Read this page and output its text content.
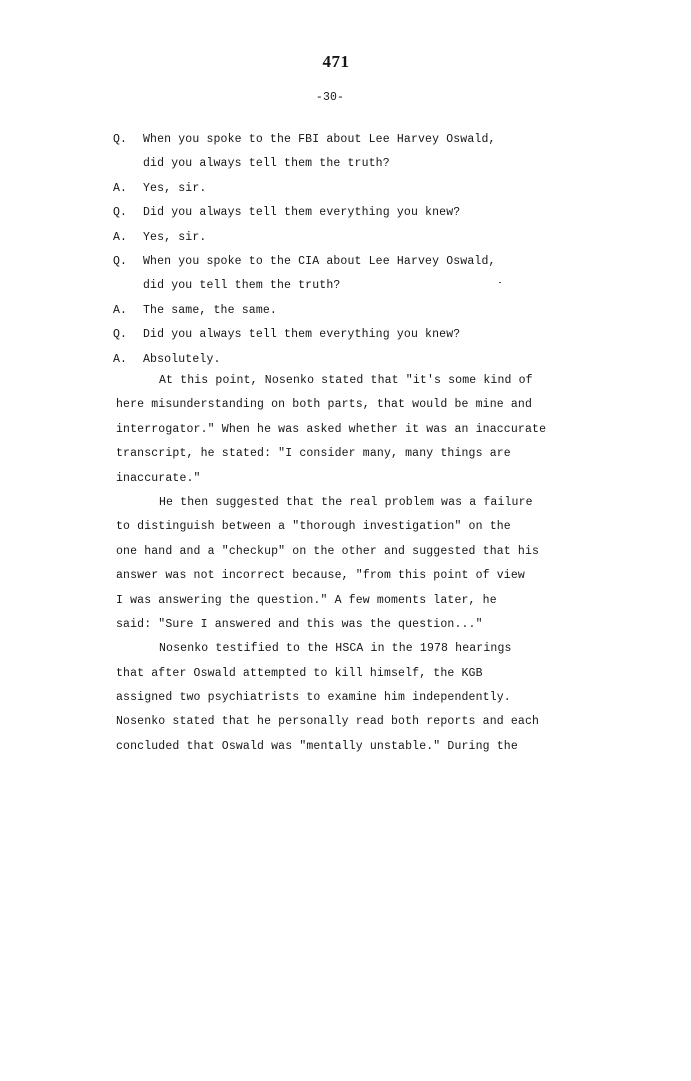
471
-30-
Q.	When you spoke to the FBI about Lee Harvey Oswald,
did you always tell them the truth?
A.	Yes, sir.
Q.	Did you always tell them everything you knew?
A.	Yes, sir.
Q.	When you spoke to the CIA about Lee Harvey Oswald,
did you tell them the truth?
A.	The same, the same.
Q.	Did you always tell them everything you knew?
A.	Absolutely.
At this point, Nosenko stated that "it's some kind of
here misunderstanding on both parts, that would be mine and
interrogator." When he was asked whether it was an inaccurate
transcript, he stated: "I consider many, many things are
inaccurate."
He then suggested that the real problem was a failure
to distinguish between a "thorough investigation" on the
one hand and a "checkup" on the other and suggested that his
answer was not incorrect because, "from this point of view
I was answering the question." A few moments later, he
said: "Sure I answered and this was the question..."
Nosenko testified to the HSCA in the 1978 hearings
that after Oswald attempted to kill himself, the KGB
assigned two psychiatrists to examine him independently.
Nosenko stated that he personally read both reports and each
concluded that Oswald was "mentally unstable." During the
